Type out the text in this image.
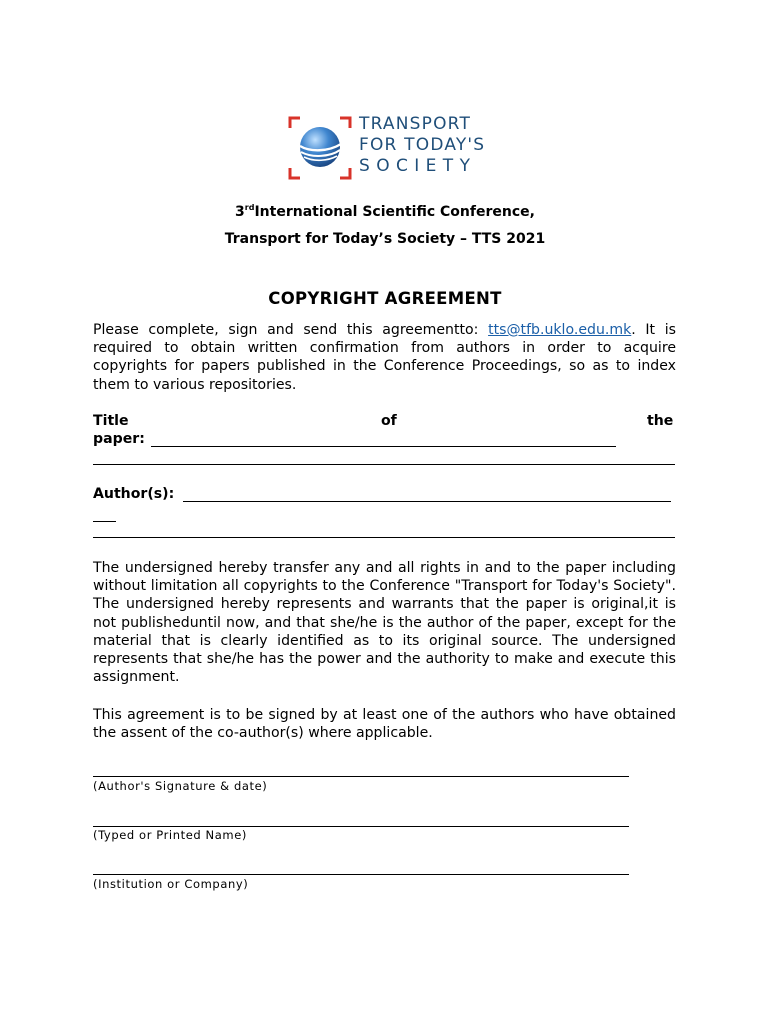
TRANSPORT
FOR TODAY'S
SOCIETY
3rdInternational Scientific Conference,
Transport for Today’s Society – TTS 2021
COPYRIGHT AGREEMENT
Please complete, sign and send this agreementto: tts@tfb.uklo.edu.mk. It is required to obtain written confirmation from authors in order to acquire copyrights for papers published in the Conference Proceedings, so as to index them to various repositories.
Title	of	the
paper:
Author(s):
The undersigned hereby transfer any and all rights in and to the paper including without limitation all copyrights to the Conference "Transport for Today's Society". The undersigned hereby represents and warrants that the paper is original,it is not publisheduntil now, and that she/he is the author of the paper, except for the material that is clearly identified as to its original source. The undersigned represents that she/he has the power and the authority to make and execute this assignment.
This agreement is to be signed by at least one of the authors who have obtained the assent of the co-author(s) where applicable.
(Author's Signature & date)
(Typed or Printed Name)
(Institution or Company)
